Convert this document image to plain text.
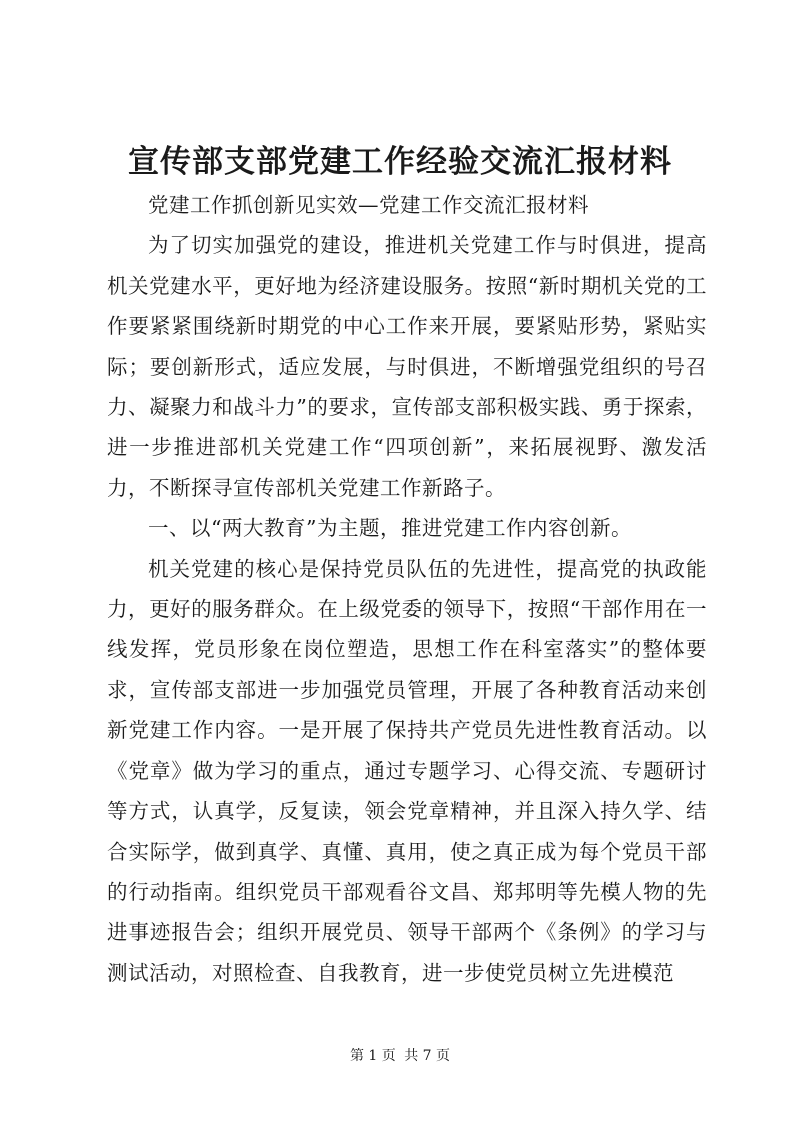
宣传部支部党建工作经验交流汇报材料

党建工作抓创新见实效—党建工作交流汇报材料

为了切实加强党的建设，推进机关党建工作与时俱进，提高机关党建水平，更好地为经济建设服务。按照“新时期机关党的工作要紧紧围绕新时期党的中心工作来开展，要紧贴形势，紧贴实际；要创新形式，适应发展，与时俱进，不断增强党组织的号召力、凝聚力和战斗力”的要求，宣传部支部积极实践、勇于探索，进一步推进部机关党建工作“四项创新”，来拓展视野、激发活力，不断探寻宣传部机关党建工作新路子。

一、以“两大教育”为主题，推进党建工作内容创新。

机关党建的核心是保持党员队伍的先进性，提高党的执政能力，更好的服务群众。在上级党委的领导下，按照“干部作用在一线发挥，党员形象在岗位塑造，思想工作在科室落实”的整体要求，宣传部支部进一步加强党员管理，开展了各种教育活动来创新党建工作内容。一是开展了保持共产党员先进性教育活动。以《党章》做为学习的重点，通过专题学习、心得交流、专题研讨等方式，认真学，反复读，领会党章精神，并且深入持久学、结合实际学，做到真学、真懂、真用，使之真正成为每个党员干部的行动指南。组织党员干部观看谷文昌、郑邦明等先模人物的先进事迹报告会；组织开展党员、领导干部两个《条例》的学习与测试活动，对照检查、自我教育，进一步使党员树立先进模范

第 1 页 共 7 页
